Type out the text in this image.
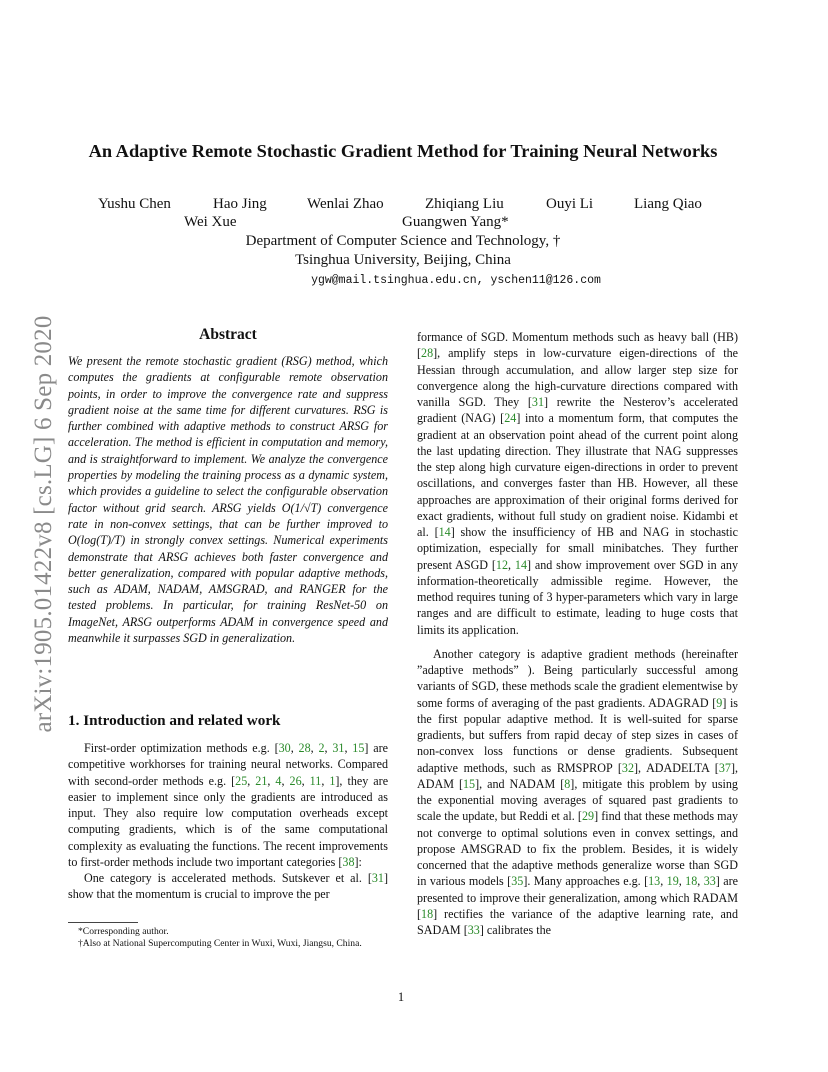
arXiv:1905.01422v8 [cs.LG] 6 Sep 2020
An Adaptive Remote Stochastic Gradient Method for Training Neural Networks
Yushu Chen	Hao Jing	Wenlai Zhao	Zhiqiang Liu	Ouyi Li	Liang Qiao
Wei Xue	Guangwen Yang*
Department of Computer Science and Technology, †
Tsinghua University, Beijing, China
ygw@mail.tsinghua.edu.cn, yschen11@126.com
Abstract
We present the remote stochastic gradient (RSG) method, which computes the gradients at configurable remote observation points, in order to improve the convergence rate and suppress gradient noise at the same time for different curvatures. RSG is further combined with adaptive methods to construct ARSG for acceleration. The method is efficient in computation and memory, and is straightforward to implement. We analyze the convergence properties by modeling the training process as a dynamic system, which provides a guideline to select the configurable observation factor without grid search. ARSG yields O(1/√T) convergence rate in non-convex settings, that can be further improved to O(log(T)/T) in strongly convex settings. Numerical experiments demonstrate that ARSG achieves both faster convergence and better generalization, compared with popular adaptive methods, such as ADAM, NADAM, AMSGRAD, and RANGER for the tested problems. In particular, for training ResNet-50 on ImageNet, ARSG outperforms ADAM in convergence speed and meanwhile it surpasses SGD in generalization.
1. Introduction and related work

First-order optimization methods e.g. [30, 28, 2, 31, 15] are competitive workhorses for training neural networks. Compared with second-order methods e.g. [25, 21, 4, 26, 11, 1], they are easier to implement since only the gradients are introduced as input. They also require low computation overheads except computing gradients, which is of the same computational complexity as evaluating the functions. The recent improvements to first-order methods include two important categories [38]:

One category is accelerated methods. Sutskever et al. [31] show that the momentum is crucial to improve the per

formance of SGD. Momentum methods such as heavy ball (HB) [28], amplify steps in low-curvature eigen-directions of the Hessian through accumulation, and allow larger step size for convergence along the high-curvature directions compared with vanilla SGD. They [31] rewrite the Nesterov’s accelerated gradient (NAG) [24] into a momentum form, that computes the gradient at an observation point ahead of the current point along the last updating direction. They illustrate that NAG suppresses the step along high curvature eigen-directions in order to prevent oscillations, and converges faster than HB. However, all these approaches are approximation of their original forms derived for exact gradients, without full study on gradient noise. Kidambi et al. [14] show the insufficiency of HB and NAG in stochastic optimization, especially for small minibatches. They further present ASGD [12, 14] and show improvement over SGD in any information-theoretically admissible regime. However, the method requires tuning of 3 hyper-parameters which vary in large ranges and are difficult to estimate, leading to huge costs that limits its application.

Another category is adaptive gradient methods (hereinafter ”adaptive methods” ). Being particularly successful among variants of SGD, these methods scale the gradient elementwise by some forms of averaging of the past gradients. ADAGRAD [9] is the first popular adaptive method. It is well-suited for sparse gradients, but suffers from rapid decay of step sizes in cases of non-convex loss functions or dense gradients. Subsequent adaptive methods, such as RMSPROP [32], ADADELTA [37], ADAM [15], and NADAM [8], mitigate this problem by using the exponential moving averages of squared past gradients to scale the update, but Reddi et al. [29] find that these methods may not converge to optimal solutions even in convex settings, and propose AMSGRAD to fix the problem. Besides, it is widely concerned that the adaptive methods generalize worse than SGD in various models [35]. Many approaches e.g. [13, 19, 18, 33] are presented to improve their generalization, among which RADAM [18] rectifies the variance of the adaptive learning rate, and SADAM [33] calibrates the

*Corresponding author.

†Also at National Supercomputing Center in Wuxi, Wuxi, Jiangsu, China.

1
